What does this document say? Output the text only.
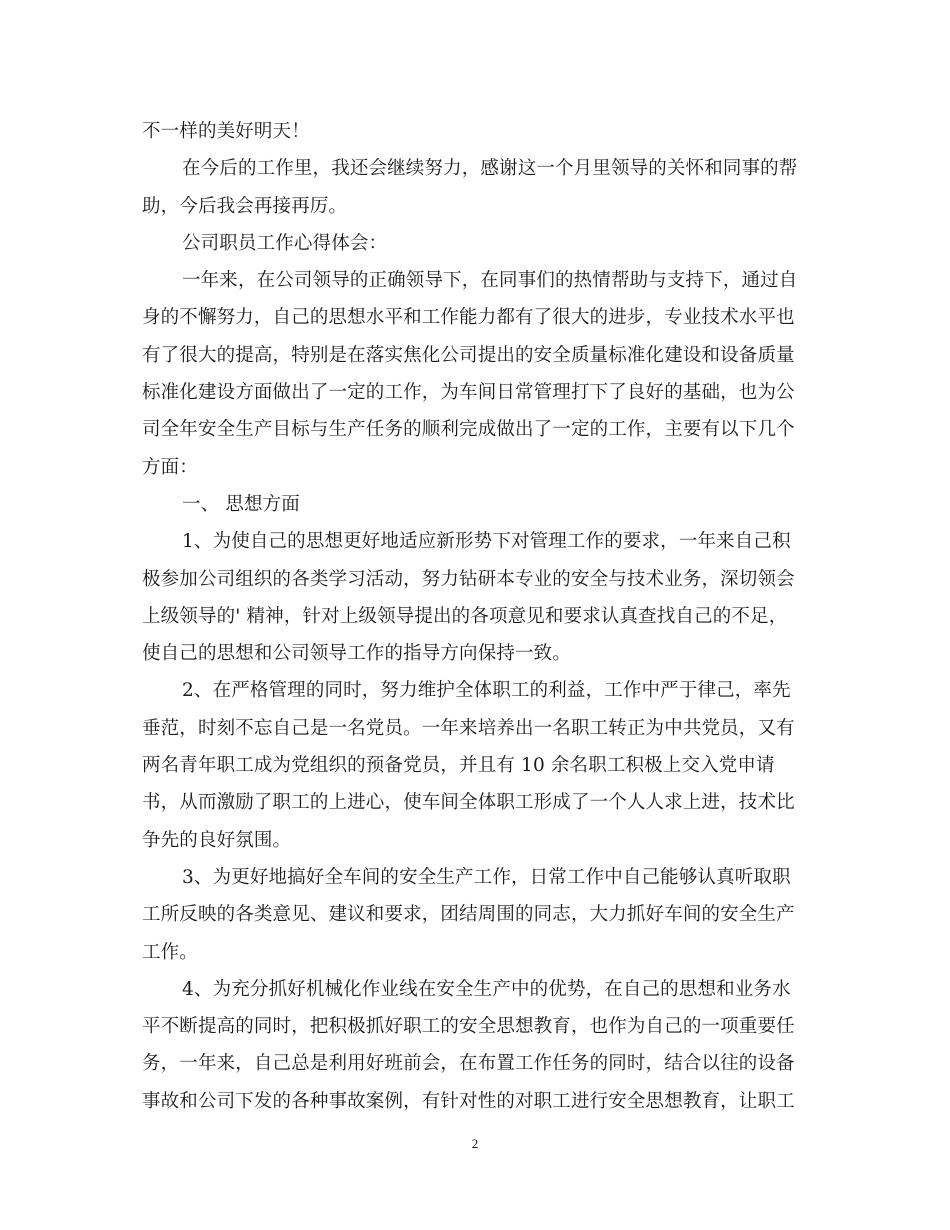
不一样的美好明天！
在今后的工作里，我还会继续努力，感谢这一个月里领导的关怀和同事的帮
助，今后我会再接再厉。
公司职员工作心得体会：
一年来，在公司领导的正确领导下，在同事们的热情帮助与支持下，通过自
身的不懈努力，自己的思想水平和工作能力都有了很大的进步，专业技术水平也
有了很大的提高，特别是在落实焦化公司提出的安全质量标准化建设和设备质量
标准化建设方面做出了一定的工作，为车间日常管理打下了良好的基础，也为公
司全年安全生产目标与生产任务的顺利完成做出了一定的工作，主要有以下几个
方面：
一、 思想方面
1、为使自己的思想更好地适应新形势下对管理工作的要求，一年来自己积
极参加公司组织的各类学习活动，努力钻研本专业的安全与技术业务，深切领会
上级领导的' 精神，针对上级领导提出的各项意见和要求认真查找自己的不足，
使自己的思想和公司领导工作的指导方向保持一致。
2、在严格管理的同时，努力维护全体职工的利益，工作中严于律己，率先
垂范，时刻不忘自己是一名党员。一年来培养出一名职工转正为中共党员，又有
两名青年职工成为党组织的预备党员，并且有 10 余名职工积极上交入党申请
书，从而激励了职工的上进心，使车间全体职工形成了一个人人求上进，技术比
争先的良好氛围。
3、为更好地搞好全车间的安全生产工作，日常工作中自己能够认真听取职
工所反映的各类意见、建议和要求，团结周围的同志，大力抓好车间的安全生产
工作。
4、为充分抓好机械化作业线在安全生产中的优势，在自己的思想和业务水
平不断提高的同时，把积极抓好职工的安全思想教育，也作为自己的一项重要任
务，一年来，自己总是利用好班前会，在布置工作任务的同时，结合以往的设备
事故和公司下发的各种事故案例，有针对性的对职工进行安全思想教育，让职工
2
